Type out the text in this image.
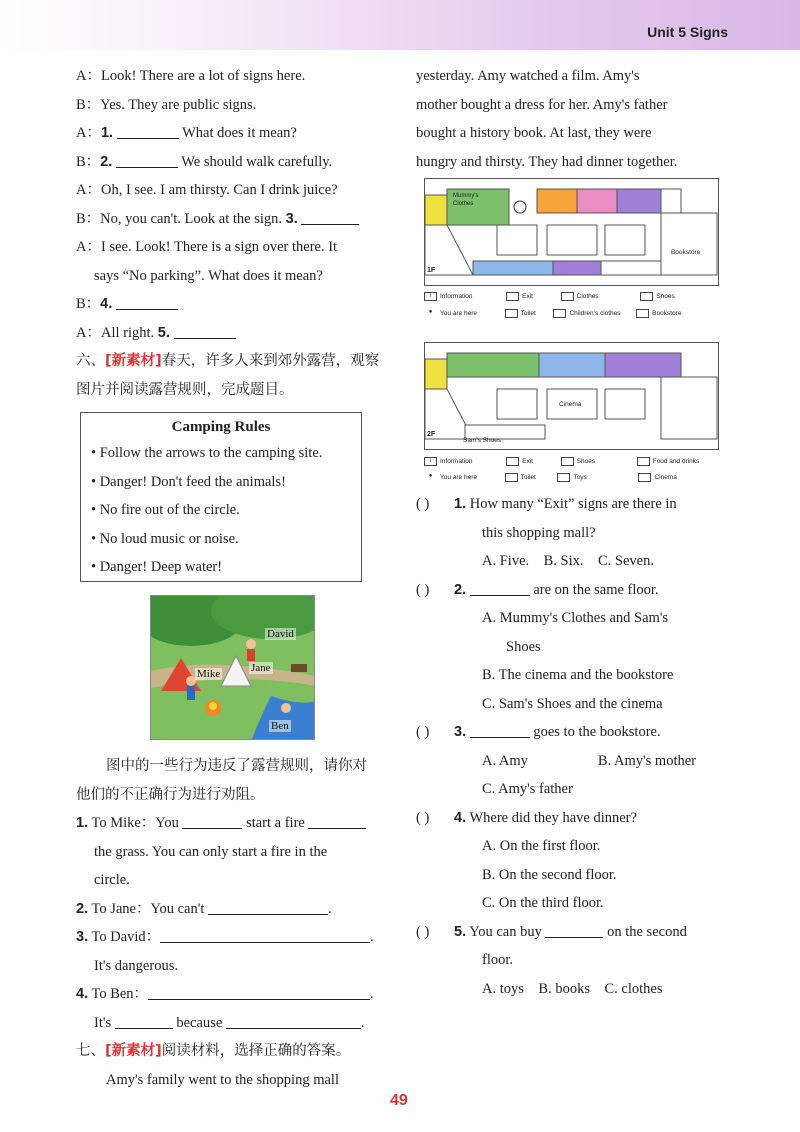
Unit 5 Signs
A：Look! There are a lot of signs here.
B：Yes. They are public signs.
A：1.	What does it mean?
B：2.	We should walk carefully.
A：Oh, I see. I am thirsty. Can I drink juice?
B：No, you can't. Look at the sign. 3.
A：I see. Look! There is a sign over there. It
says “No parking”. What does it mean?
B：4.
A：All right. 5.
六、[新素材]春天，许多人来到郊外露营，观察
图片并阅读露营规则，完成题目。
Camping Rules
• Follow the arrows to the camping site.
• Danger! Don't feed the animals!
• No fire out of the circle.
• No loud music or noise.
• Danger! Deep water!
David
Jane
Mike
Ben
图中的一些行为违反了露营规则，请你对
他们的不正确行为进行劝阻。
1. To Mike：You	start a fire
the grass. You can only start a fire in the
circle.
2. To Jane：You can't	.
3. To David：	.
It's dangerous.
4. To Ben：	.
It's	because	.
七、[新素材]阅读材料，选择正确的答案。
Amy's family went to the shopping mall
yesterday. Amy watched a film. Amy's
mother bought a dress for her. Amy's father
bought a history book. At last, they were
hungry and thirsty. They had dinner together.
Mummy's Clothes
Bookstore
1F
i Information	Exit	Clothes	Shoes
● You are here	Toilet	Children's clothes	Bookstore
Cinema
Sam's Shoes
2F
i Information	Exit	Shoes	Food and drinks
● You are here	Toilet	Toys	Cinema
( ) 1. How many “Exit” signs are there in
this shopping mall?
A. Five. B. Six. C. Seven.
( ) 2.	are on the same floor.
A. Mummy's Clothes and Sam's
Shoes
B. The cinema and the bookstore
C. Sam's Shoes and the cinema
( ) 3.	goes to the bookstore.
A. Amy	B. Amy's mother
C. Amy's father
( ) 4. Where did they have dinner?
A. On the first floor.
B. On the second floor.
C. On the third floor.
( ) 5. You can buy	on the second
floor.
A. toys B. books C. clothes
49
